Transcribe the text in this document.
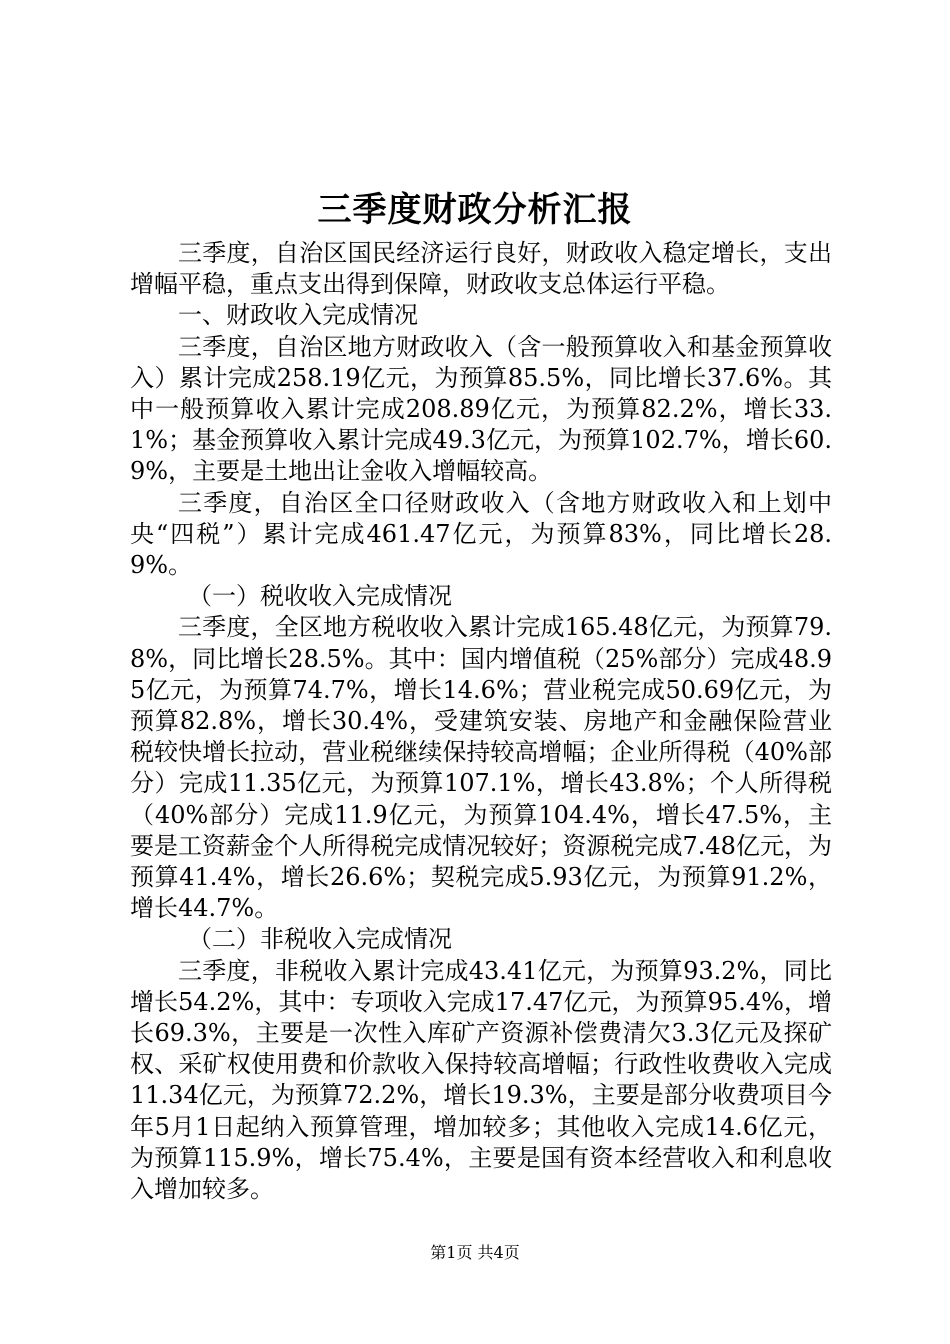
三季度财政分析汇报

三季度，自治区国民经济运行良好，财政收入稳定增长，支出增幅平稳，重点支出得到保障，财政收支总体运行平稳。

一、财政收入完成情况

三季度，自治区地方财政收入（含一般预算收入和基金预算收入）累计完成258.19亿元，为预算85.5%，同比增长37.6%。其中一般预算收入累计完成208.89亿元，为预算82.2%，增长33.1%；基金预算收入累计完成49.3亿元，为预算102.7%，增长60.9%，主要是土地出让金收入增幅较高。

三季度，自治区全口径财政收入（含地方财政收入和上划中央“四税”）累计完成461.47亿元，为预算83%，同比增长28.9%。

（一）税收收入完成情况

三季度，全区地方税收收入累计完成165.48亿元，为预算79.8%，同比增长28.5%。其中：国内增值税（25%部分）完成48.95亿元，为预算74.7%，增长14.6%；营业税完成50.69亿元，为预算82.8%，增长30.4%，受建筑安装、房地产和金融保险营业税较快增长拉动，营业税继续保持较高增幅；企业所得税（40%部分）完成11.35亿元，为预算107.1%，增长43.8%；个人所得税（40%部分）完成11.9亿元，为预算104.4%，增长47.5%，主要是工资薪金个人所得税完成情况较好；资源税完成7.48亿元，为预算41.4%，增长26.6%；契税完成5.93亿元，为预算91.2%，增长44.7%。

（二）非税收入完成情况

三季度，非税收入累计完成43.41亿元，为预算93.2%，同比增长54.2%，其中：专项收入完成17.47亿元，为预算95.4%，增长69.3%，主要是一次性入库矿产资源补偿费清欠3.3亿元及探矿权、采矿权使用费和价款收入保持较高增幅；行政性收费收入完成11.34亿元，为预算72.2%，增长19.3%，主要是部分收费项目今年5月1日起纳入预算管理，增加较多；其他收入完成14.6亿元，为预算115.9%，增长75.4%，主要是国有资本经营收入和利息收入增加较多。

第1页 共4页
